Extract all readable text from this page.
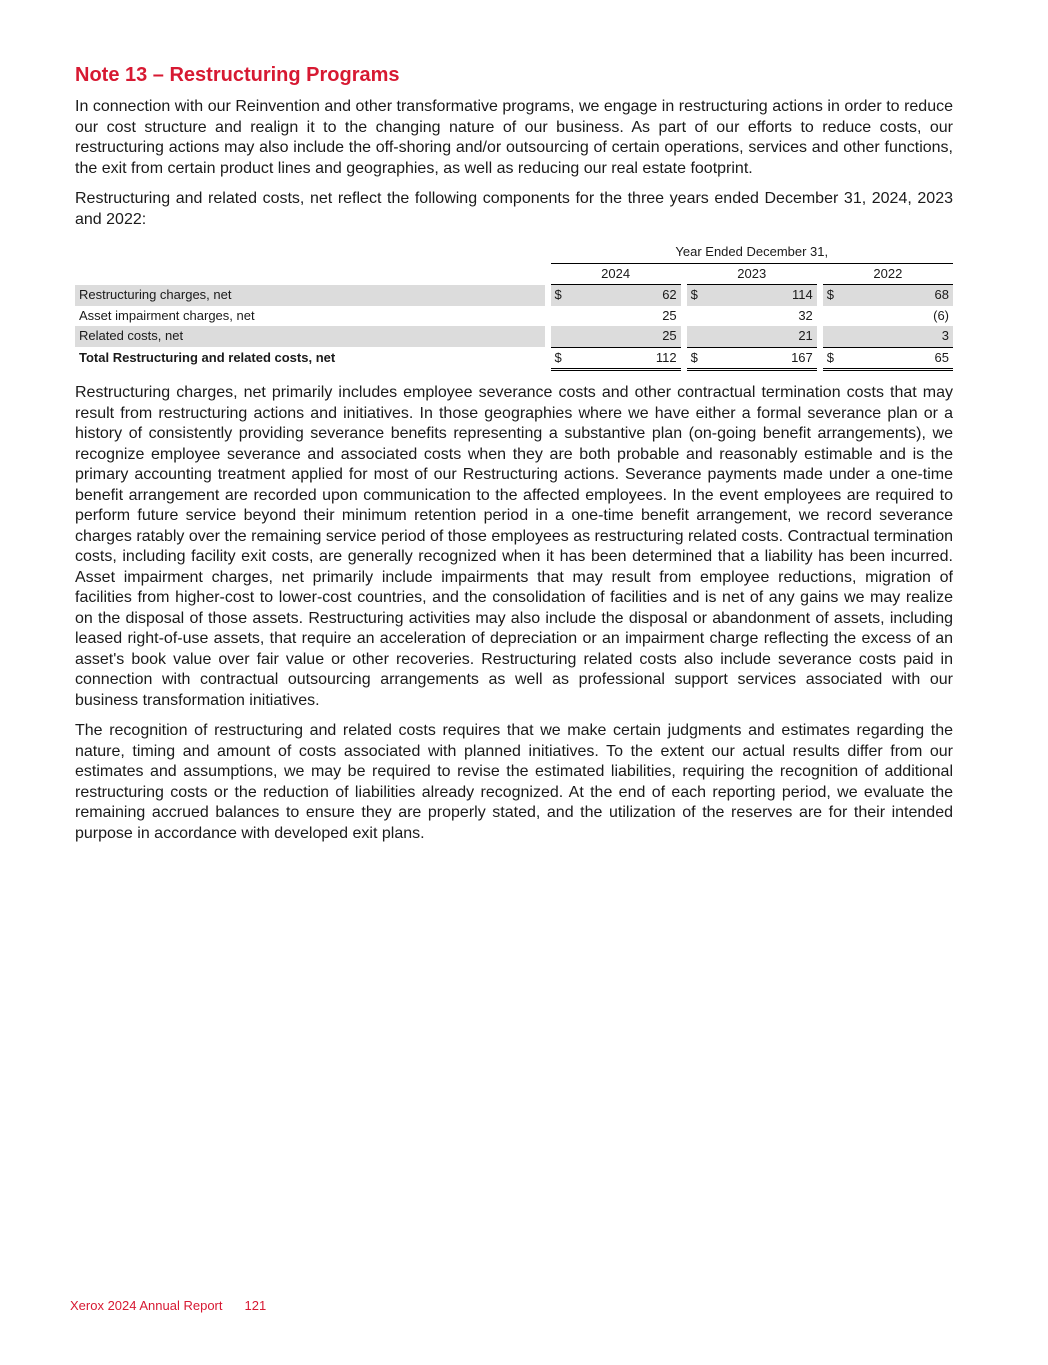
Note 13 – Restructuring Programs

In connection with our Reinvention and other transformative programs, we engage in restructuring actions in order to reduce our cost structure and realign it to the changing nature of our business. As part of our efforts to reduce costs, our restructuring actions may also include the off-shoring and/or outsourcing of certain operations, services and other functions, the exit from certain product lines and geographies, as well as reducing our real estate footprint.

Restructuring and related costs, net reflect the following components for the three years ended December 31, 2024, 2023 and 2022:

		Year Ended December 31,							
		2024			2023			2022	
Restructuring charges, net		$	62		$	114		$	68
Asset impairment charges, net			25			32			(6)
Related costs, net			25			21			3
Total Restructuring and related costs, net		$	112		$	167		$	65

Restructuring charges, net primarily includes employee severance costs and other contractual termination costs that may result from restructuring actions and initiatives. In those geographies where we have either a formal severance plan or a history of consistently providing severance benefits representing a substantive plan (on-going benefit arrangements), we recognize employee severance and associated costs when they are both probable and reasonably estimable and is the primary accounting treatment applied for most of our Restructuring actions. Severance payments made under a one-time benefit arrangement are recorded upon communication to the affected employees. In the event employees are required to perform future service beyond their minimum retention period in a one-time benefit arrangement, we record severance charges ratably over the remaining service period of those employees as restructuring related costs. Contractual termination costs, including facility exit costs, are generally recognized when it has been determined that a liability has been incurred. Asset impairment charges, net primarily include impairments that may result from employee reductions, migration of facilities from higher-cost to lower-cost countries, and the consolidation of facilities and is net of any gains we may realize on the disposal of those assets. Restructuring activities may also include the disposal or abandonment of assets, including leased right-of-use assets, that require an acceleration of depreciation or an impairment charge reflecting the excess of an asset's book value over fair value or other recoveries. Restructuring related costs also include severance costs paid in connection with contractual outsourcing arrangements as well as professional support services associated with our business transformation initiatives.

The recognition of restructuring and related costs requires that we make certain judgments and estimates regarding the nature, timing and amount of costs associated with planned initiatives. To the extent our actual results differ from our estimates and assumptions, we may be required to revise the estimated liabilities, requiring the recognition of additional restructuring costs or the reduction of liabilities already recognized. At the end of each reporting period, we evaluate the remaining accrued balances to ensure they are properly stated, and the utilization of the reserves are for their intended purpose in accordance with developed exit plans.

Xerox 2024 Annual Report 121
